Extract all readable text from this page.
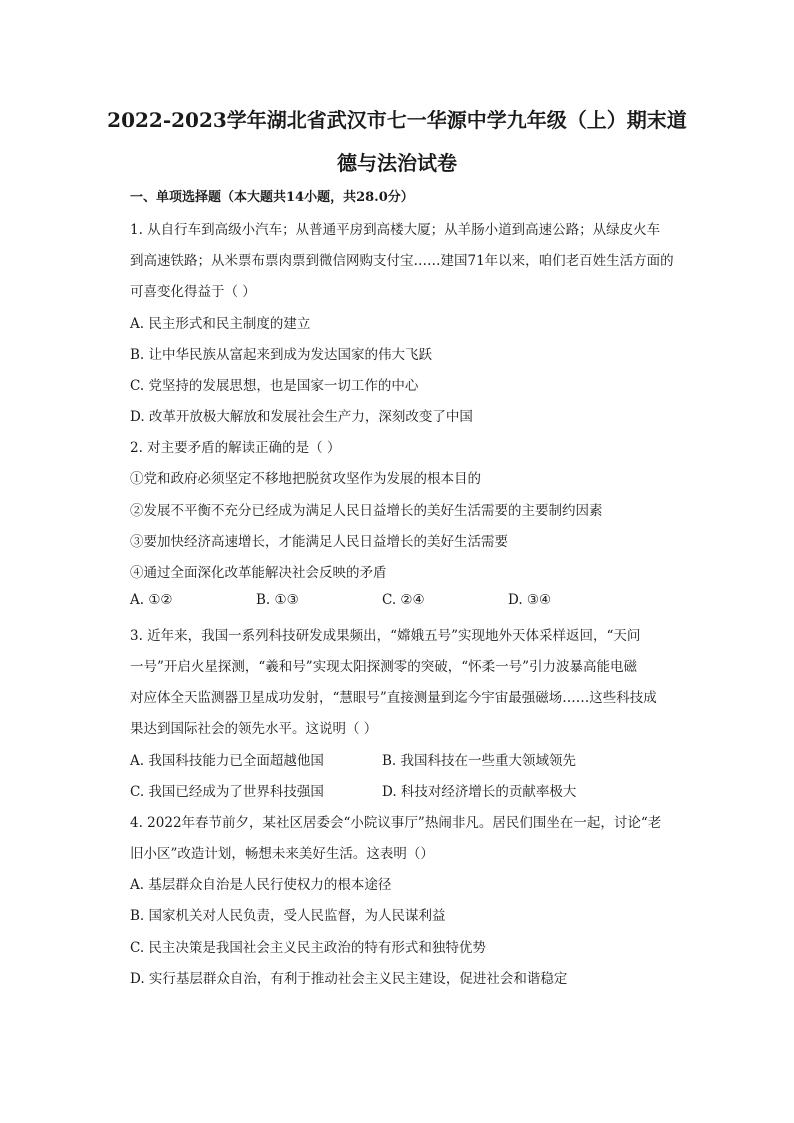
2022-2023学年湖北省武汉市七一华源中学九年级（上）期末道
德与法治试卷
一、单项选择题（本大题共14小题，共28.0分）
1. 从自行车到高级小汽车；从普通平房到高楼大厦；从羊肠小道到高速公路；从绿皮火车
到高速铁路；从米票布票肉票到微信网购支付宝……建国71年以来，咱们老百姓生活方面的
可喜变化得益于（ ）
A. 民主形式和民主制度的建立
B. 让中华民族从富起来到成为发达国家的伟大飞跃
C. 党坚持的发展思想，也是国家一切工作的中心
D. 改革开放极大解放和发展社会生产力，深刻改变了中国
2. 对主要矛盾的解读正确的是（ ）
①党和政府必须坚定不移地把脱贫攻坚作为发展的根本目的
②发展不平衡不充分已经成为满足人民日益增长的美好生活需要的主要制约因素
③要加快经济高速增长，才能满足人民日益增长的美好生活需要
④通过全面深化改革能解决社会反映的矛盾
A. ①②	B. ①③	C. ②④	D. ③④
3. 近年来，我国一系列科技研发成果频出，“嫦娥五号”实现地外天体采样返回，“天问
一号”开启火星探测，“羲和号”实现太阳探测零的突破，“怀柔一号”引力波暴高能电磁
对应体全天监测器卫星成功发射，“慧眼号”直接测量到迄今宇宙最强磁场……这些科技成
果达到国际社会的领先水平。这说明（ ）
A. 我国科技能力已全面超越他国	B. 我国科技在一些重大领域领先
C. 我国已经成为了世界科技强国	D. 科技对经济增长的贡献率极大
4. 2022年春节前夕，某社区居委会“小院议事厅”热闹非凡。居民们围坐在一起，讨论“老
旧小区”改造计划，畅想未来美好生活。这表明（）
A. 基层群众自治是人民行使权力的根本途径
B. 国家机关对人民负责，受人民监督，为人民谋利益
C. 民主决策是我国社会主义民主政治的特有形式和独特优势
D. 实行基层群众自治，有利于推动社会主义民主建设，促进社会和谐稳定
